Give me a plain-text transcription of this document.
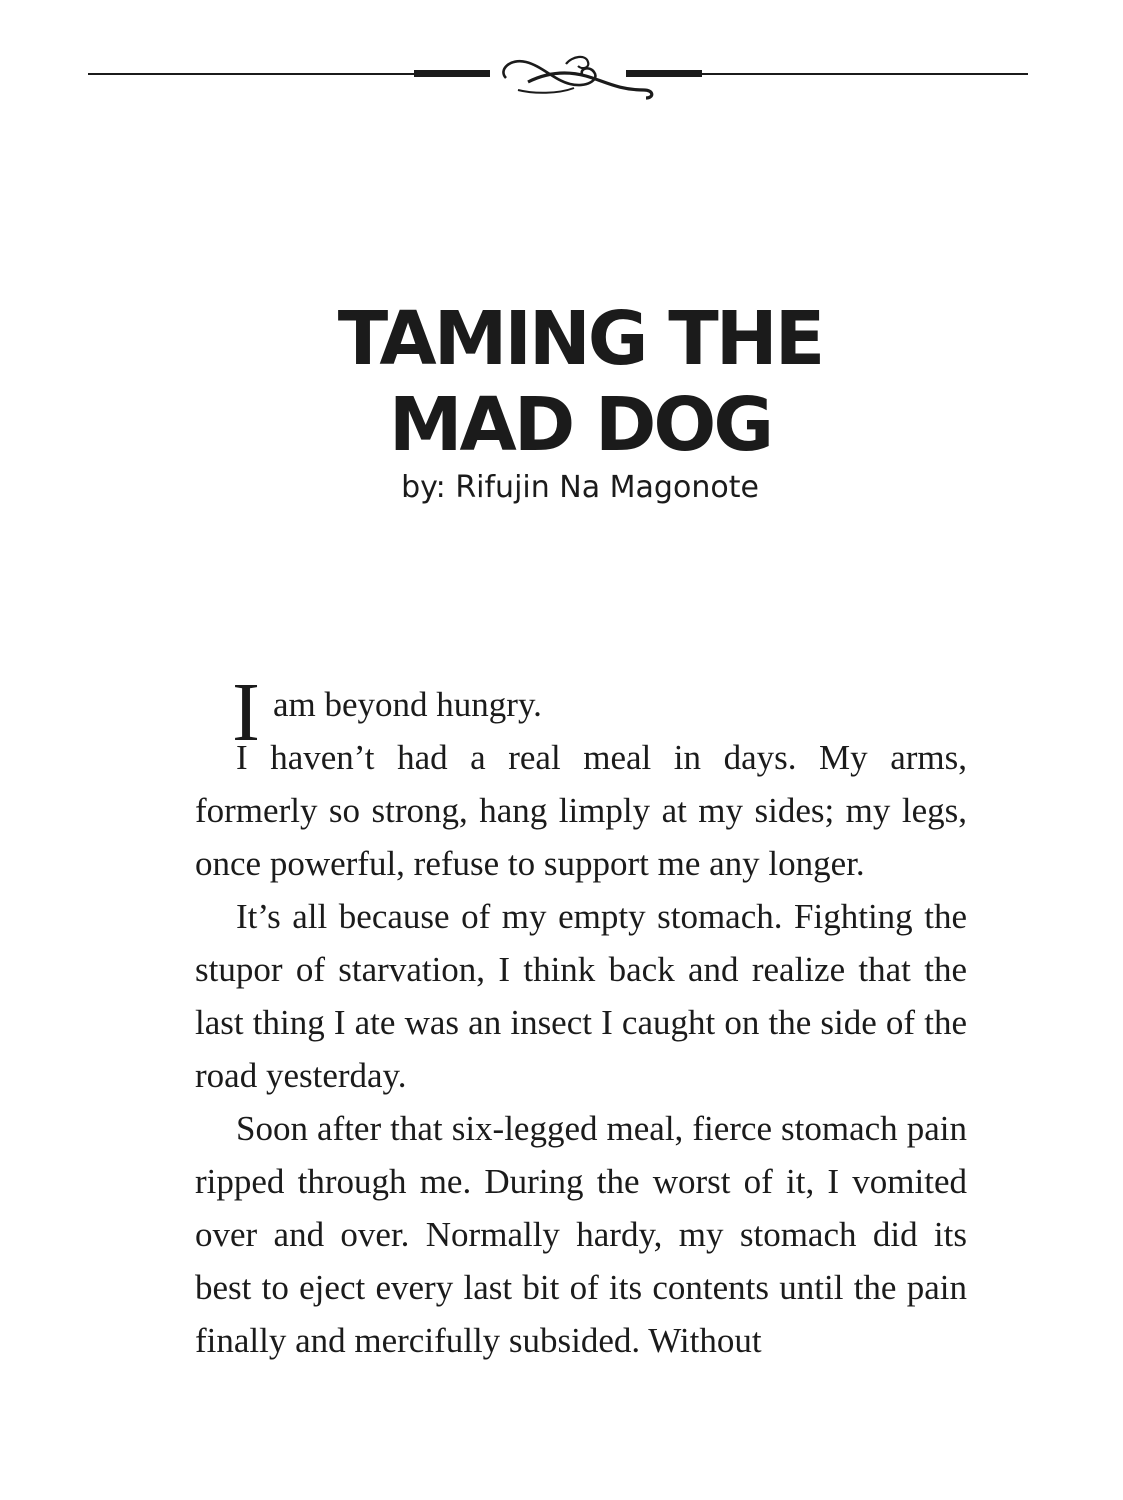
TAMING THE
MAD DOG
by: Rifujin Na Magonote

I am beyond hungry.

I haven’t had a real meal in days. My arms, formerly so strong, hang limply at my sides; my legs, once powerful, refuse to support me any longer.

It’s all because of my empty stomach. Fighting the stupor of starvation, I think back and realize that the last thing I ate was an insect I caught on the side of the road yesterday.

Soon after that six-legged meal, fierce stomach pain ripped through me. During the worst of it, I vomited over and over. Normally hardy, my stomach did its best to eject every last bit of its contents until the pain finally and mercifully subsided. Without
